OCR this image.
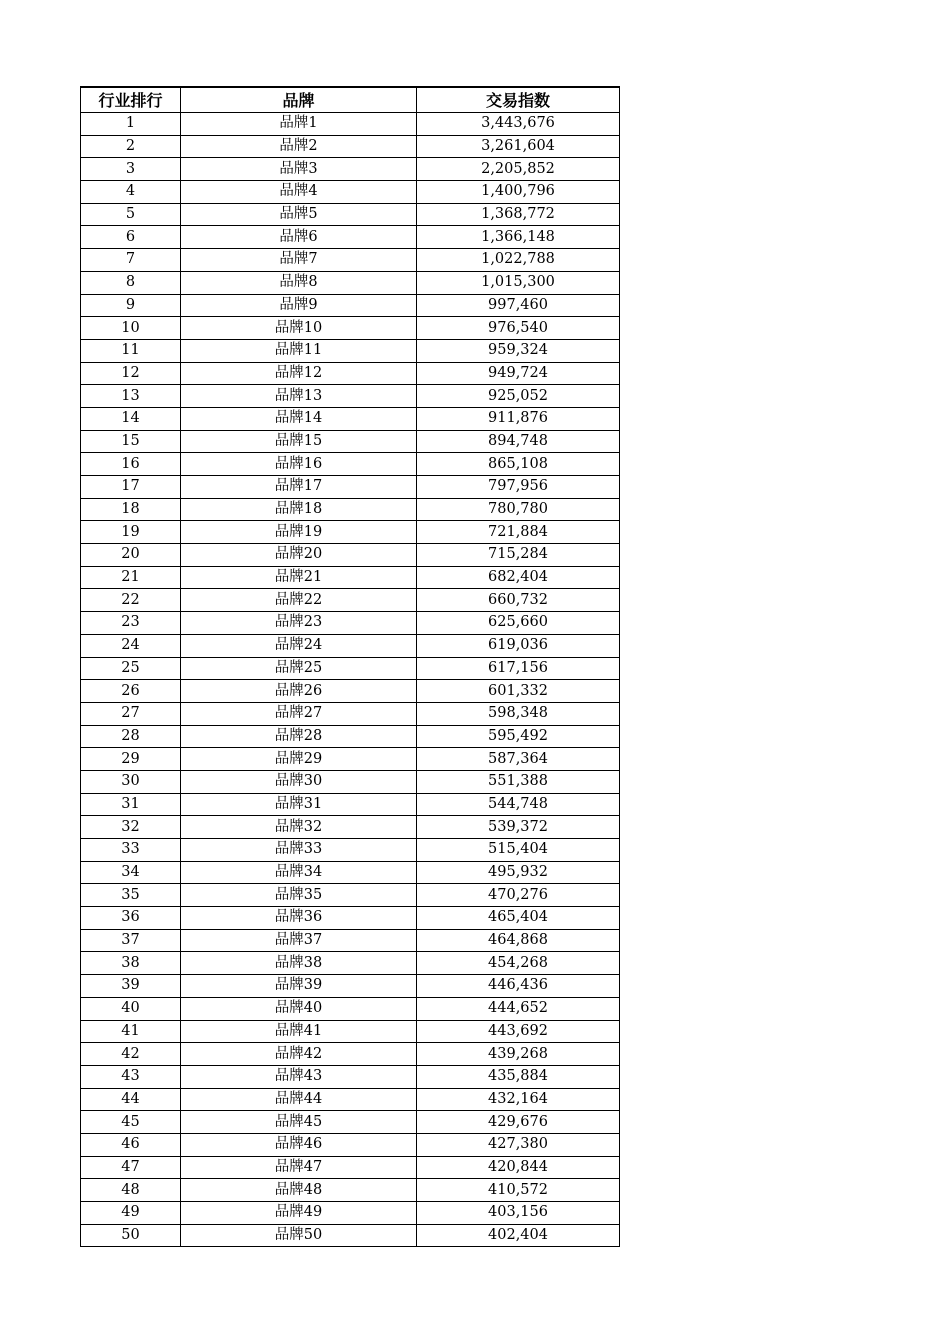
行业排行	品牌	交易指数
1	品牌1	3,443,676
2	品牌2	3,261,604
3	品牌3	2,205,852
4	品牌4	1,400,796
5	品牌5	1,368,772
6	品牌6	1,366,148
7	品牌7	1,022,788
8	品牌8	1,015,300
9	品牌9	997,460
10	品牌10	976,540
11	品牌11	959,324
12	品牌12	949,724
13	品牌13	925,052
14	品牌14	911,876
15	品牌15	894,748
16	品牌16	865,108
17	品牌17	797,956
18	品牌18	780,780
19	品牌19	721,884
20	品牌20	715,284
21	品牌21	682,404
22	品牌22	660,732
23	品牌23	625,660
24	品牌24	619,036
25	品牌25	617,156
26	品牌26	601,332
27	品牌27	598,348
28	品牌28	595,492
29	品牌29	587,364
30	品牌30	551,388
31	品牌31	544,748
32	品牌32	539,372
33	品牌33	515,404
34	品牌34	495,932
35	品牌35	470,276
36	品牌36	465,404
37	品牌37	464,868
38	品牌38	454,268
39	品牌39	446,436
40	品牌40	444,652
41	品牌41	443,692
42	品牌42	439,268
43	品牌43	435,884
44	品牌44	432,164
45	品牌45	429,676
46	品牌46	427,380
47	品牌47	420,844
48	品牌48	410,572
49	品牌49	403,156
50	品牌50	402,404
